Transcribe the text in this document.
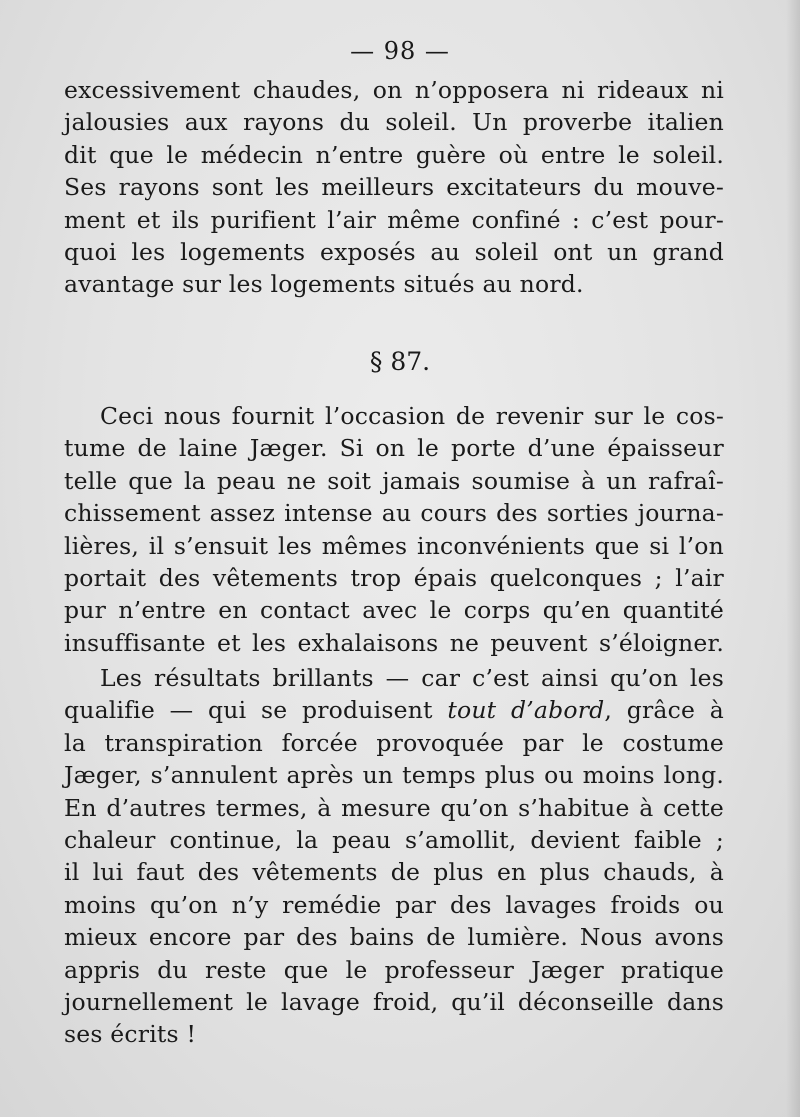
— 98 —
excessivement chaudes, on n’opposera ni rideaux ni
jalousies aux rayons du soleil. Un proverbe italien
dit que le médecin n’entre guère où entre le soleil.
Ses rayons sont les meilleurs excitateurs du mouve-
ment et ils purifient l’air même confiné : c’est pour-
quoi les logements exposés au soleil ont un grand
avantage sur les logements situés au nord.
§ 87.
Ceci nous fournit l’occasion de revenir sur le cos-
tume de laine Jæger. Si on le porte d’une épaisseur
telle que la peau ne soit jamais soumise à un rafraî-
chissement assez intense au cours des sorties journa-
lières, il s’ensuit les mêmes inconvénients que si l’on
portait des vêtements trop épais quelconques ; l’air
pur n’entre en contact avec le corps qu’en quantité
insuffisante et les exhalaisons ne peuvent s’éloigner.
Les résultats brillants — car c’est ainsi qu’on les
qualifie — qui se produisent tout d’abord, grâce à
la transpiration forcée provoquée par le costume
Jæger, s’annulent après un temps plus ou moins long.
En d’autres termes, à mesure qu’on s’habitue à cette
chaleur continue, la peau s’amollit, devient faible ;
il lui faut des vêtements de plus en plus chauds, à
moins qu’on n’y remédie par des lavages froids ou
mieux encore par des bains de lumière. Nous avons
appris du reste que le professeur Jæger pratique
journellement le lavage froid, qu’il déconseille dans
ses écrits !
